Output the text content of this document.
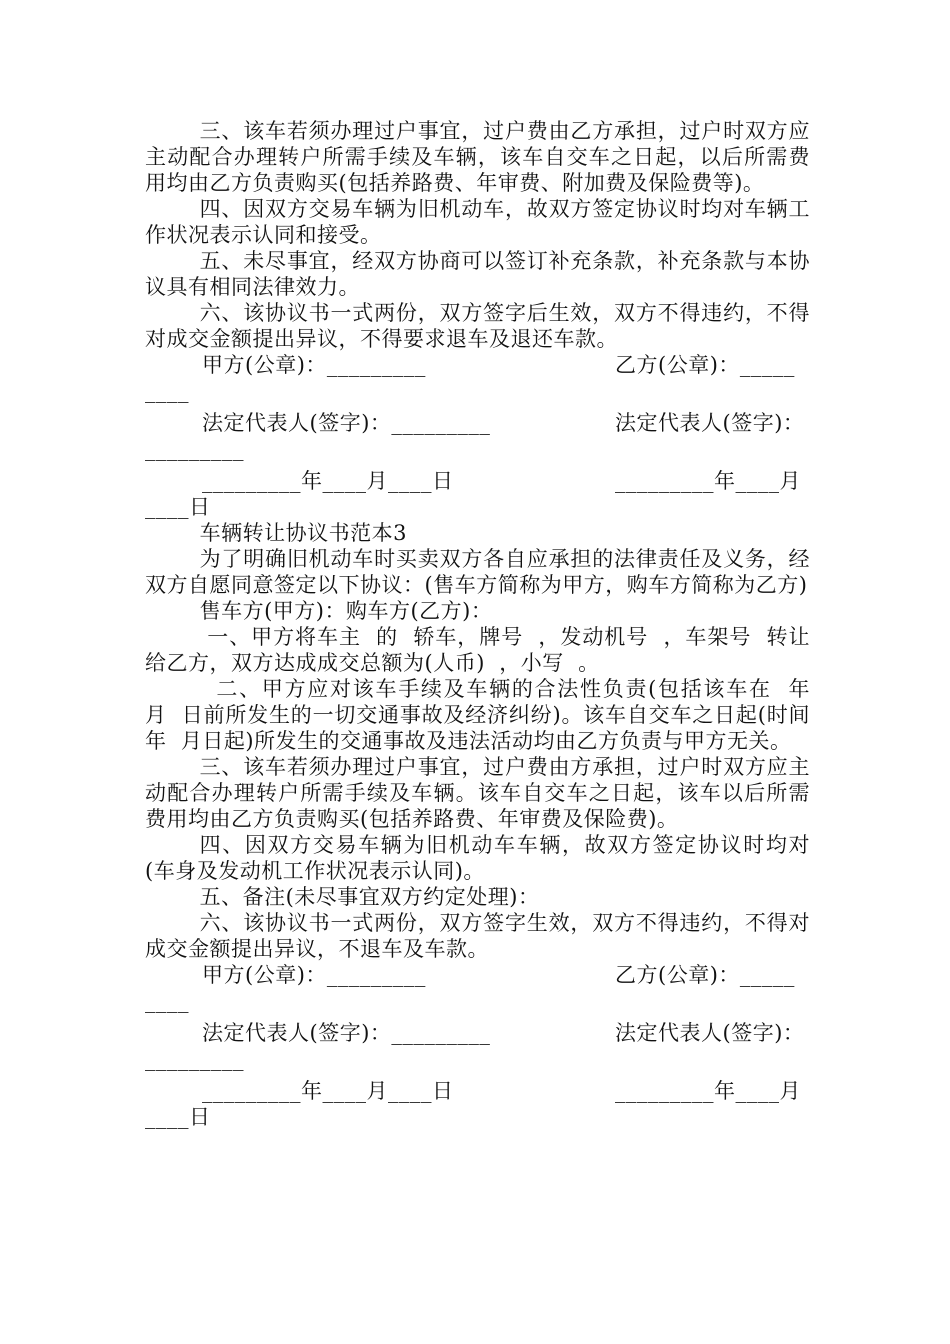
三、该车若须办理过户事宜，过户费由乙方承担，过户时双方应主动配合办理转户所需手续及车辆，该车自交车之日起，以后所需费用均由乙方负责购买(包括养路费、年审费、附加费及保险费等)。

四、因双方交易车辆为旧机动车，故双方签定协议时均对车辆工作状况表示认同和接受。

五、未尽事宜，经双方协商可以签订补充条款，补充条款与本协议具有相同法律效力。

六、该协议书一式两份，双方签字后生效，双方不得违约，不得对成交金额提出异议，不得要求退车及退还车款。

甲方(公章)：_________

	乙方(公章)：_____

____

法定代表人(签字)：_________

	法定代表人(签字)：

_________

_________年____月____日

	_________年____月

____日

车辆转让协议书范本3

为了明确旧机动车时买卖双方各自应承担的法律责任及义务，经双方自愿同意签定以下协议：(售车方简称为甲方，购车方简称为乙方)

售车方(甲方)：购车方(乙方)：

一、甲方将车主  的  轿车，牌号  ，发动机号  ，车架号  转让给乙方，双方达成成交总额为(人币)  ，小写  。

二、甲方应对该车手续及车辆的合法性负责(包括该车在  年  月  日前所发生的一切交通事故及经济纠纷)。该车自交车之日起(时间  年  月日起)所发生的交通事故及违法活动均由乙方负责与甲方无关。

三、该车若须办理过户事宜，过户费由方承担，过户时双方应主动配合办理转户所需手续及车辆。该车自交车之日起，该车以后所需费用均由乙方负责购买(包括养路费、年审费及保险费)。

四、因双方交易车辆为旧机动车车辆，故双方签定协议时均对(车身及发动机工作状况表示认同)。

五、备注(未尽事宜双方约定处理)：

六、该协议书一式两份，双方签字生效，双方不得违约，不得对成交金额提出异议，不退车及车款。

甲方(公章)：_________

	乙方(公章)：_____

____

法定代表人(签字)：_________

	法定代表人(签字)：

_________

_________年____月____日

	_________年____月

____日
